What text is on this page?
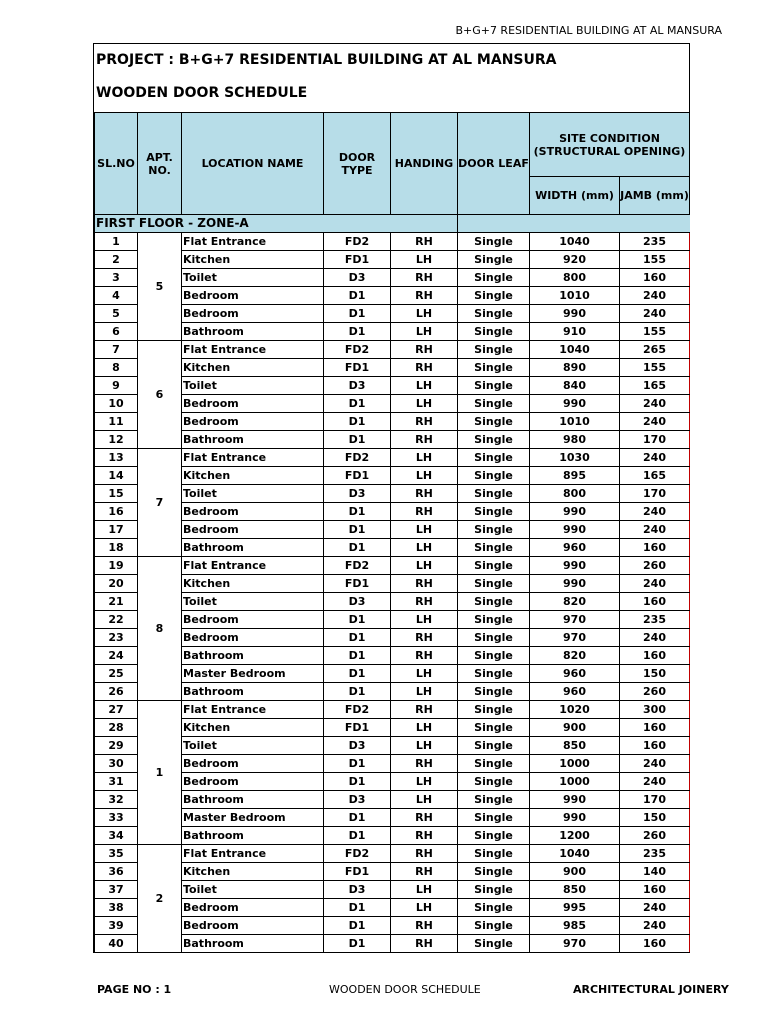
B+G+7 RESIDENTIAL BUILDING AT AL MANSURA
PROJECT : B+G+7 RESIDENTIAL BUILDING AT AL MANSURA
WOODEN DOOR SCHEDULE
SL.NO	APT. NO.	LOCATION NAME	DOOR TYPE	HANDING	DOOR LEAF	SITE CONDITION (STRUCTURAL OPENING)	
						WIDTH (mm)	JAMB (mm)
FIRST FLOOR - ZONE-A							
1	5	Flat Entrance	FD2	RH	Single	1040	235
2		Kitchen	FD1	LH	Single	920	155
3		Toilet	D3	RH	Single	800	160
4		Bedroom	D1	RH	Single	1010	240
5		Bedroom	D1	LH	Single	990	240
6		Bathroom	D1	LH	Single	910	155
7	6	Flat Entrance	FD2	RH	Single	1040	265
8		Kitchen	FD1	RH	Single	890	155
9		Toilet	D3	LH	Single	840	165
10		Bedroom	D1	LH	Single	990	240
11		Bedroom	D1	RH	Single	1010	240
12		Bathroom	D1	RH	Single	980	170
13	7	Flat Entrance	FD2	LH	Single	1030	240
14		Kitchen	FD1	LH	Single	895	165
15		Toilet	D3	RH	Single	800	170
16		Bedroom	D1	RH	Single	990	240
17		Bedroom	D1	LH	Single	990	240
18		Bathroom	D1	LH	Single	960	160
19	8	Flat Entrance	FD2	LH	Single	990	260
20		Kitchen	FD1	RH	Single	990	240
21		Toilet	D3	RH	Single	820	160
22		Bedroom	D1	LH	Single	970	235
23		Bedroom	D1	RH	Single	970	240
24		Bathroom	D1	RH	Single	820	160
25		Master Bedroom	D1	LH	Single	960	150
26		Bathroom	D1	LH	Single	960	260
27	1	Flat Entrance	FD2	RH	Single	1020	300
28		Kitchen	FD1	LH	Single	900	160
29		Toilet	D3	LH	Single	850	160
30		Bedroom	D1	RH	Single	1000	240
31		Bedroom	D1	LH	Single	1000	240
32		Bathroom	D3	LH	Single	990	170
33		Master Bedroom	D1	RH	Single	990	150
34		Bathroom	D1	RH	Single	1200	260
35	2	Flat Entrance	FD2	RH	Single	1040	235
36		Kitchen	FD1	RH	Single	900	140
37		Toilet	D3	LH	Single	850	160
38		Bedroom	D1	LH	Single	995	240
39		Bedroom	D1	RH	Single	985	240
40		Bathroom	D1	RH	Single	970	160
PAGE NO : 1	WOODEN DOOR SCHEDULE	ARCHITECTURAL JOINERY
